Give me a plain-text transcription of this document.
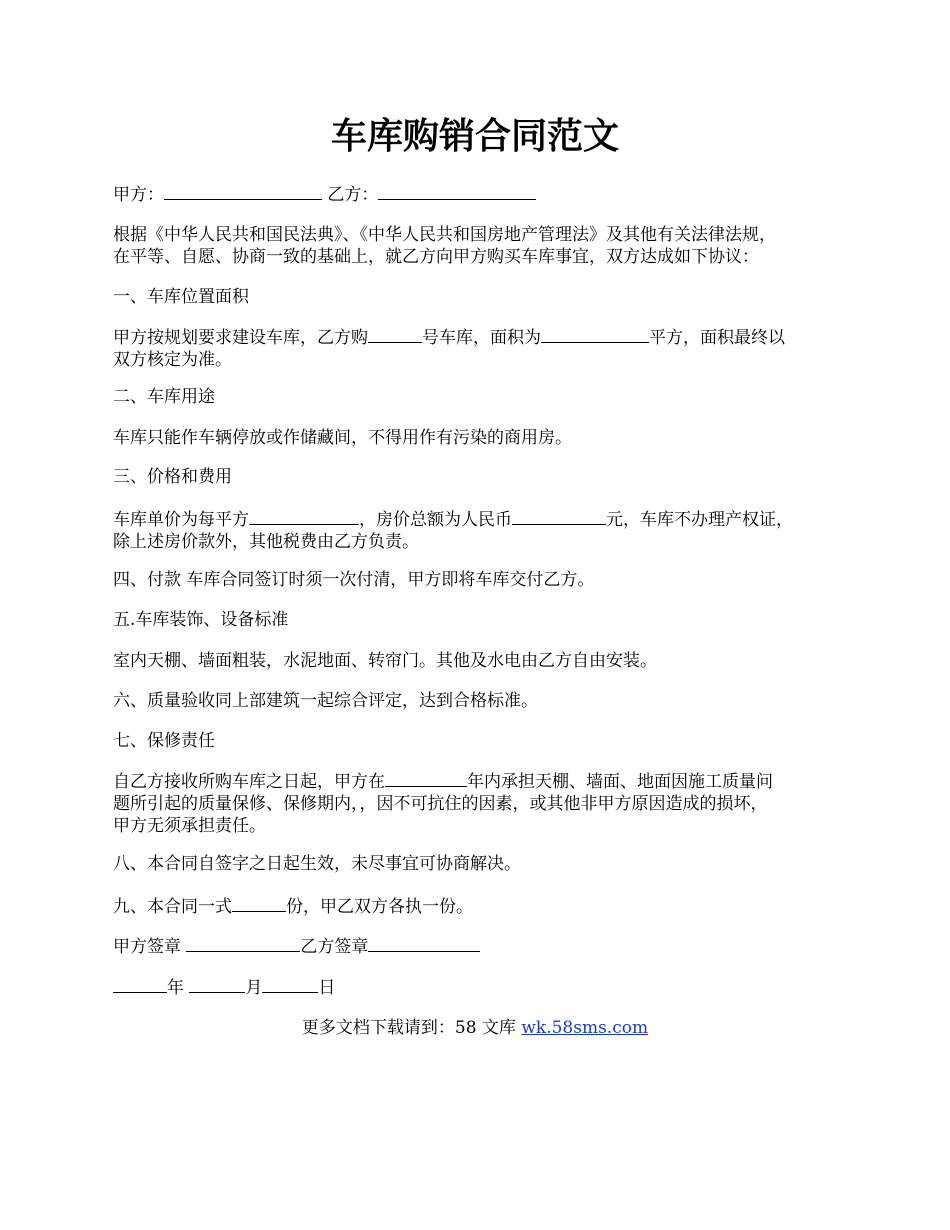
车库购销合同范文
甲方：	乙方：
根据《中华人民共和国民法典》、《中华人民共和国房地产管理法》及其他有关法律法规，
在平等、自愿、协商一致的基础上，就乙方向甲方购买车库事宜，双方达成如下协议：
一、车库位置面积
甲方按规划要求建设车库，乙方购	号车库，面积为	平方，面积最终以
双方核定为准。
二、车库用途
车库只能作车辆停放或作储藏间，不得用作有污染的商用房。
三、价格和费用
车库单价为每平方	，房价总额为人民币	元，车库不办理产权证，
除上述房价款外，其他税费由乙方负责。
四、付款 车库合同签订时须一次付清，甲方即将车库交付乙方。
五.车库装饰、设备标准
室内天棚、墙面粗装，水泥地面、转帘门。其他及水电由乙方自由安装。
六、质量验收同上部建筑一起综合评定，达到合格标准。
七、保修责任
自乙方接收所购车库之日起，甲方在	年内承担天棚、墙面、地面因施工质量问
题所引起的质量保修、保修期内，，因不可抗住的因素，或其他非甲方原因造成的损坏，
甲方无须承担责任。
八、本合同自签字之日起生效，未尽事宜可协商解决。
九、本合同一式	份，甲乙双方各执一份。
甲方签章	乙方签章
年	月	日
更多文档下载请到：58 文库 wk.58sms.com
